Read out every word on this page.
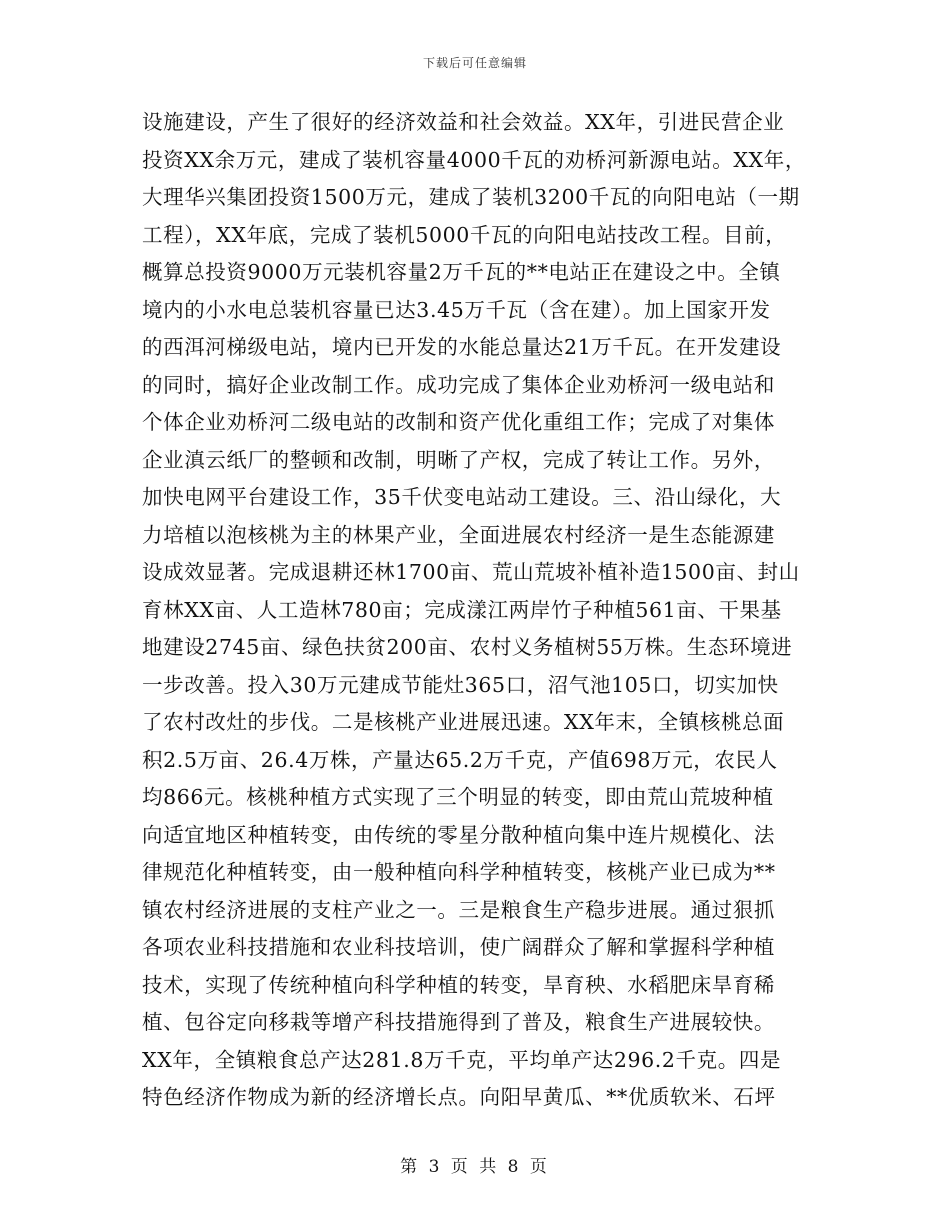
下载后可任意编辑
设施建设，产生了很好的经济效益和社会效益。XX年，引进民营企业
投资XX余万元，建成了装机容量4000千瓦的劝桥河新源电站。XX年，
大理华兴集团投资1500万元，建成了装机3200千瓦的向阳电站（一期
工程），XX年底，完成了装机5000千瓦的向阳电站技改工程。目前，
概算总投资9000万元装机容量2万千瓦的**电站正在建设之中。全镇
境内的小水电总装机容量已达3.45万千瓦（含在建）。加上国家开发
的西洱河梯级电站，境内已开发的水能总量达21万千瓦。在开发建设
的同时，搞好企业改制工作。成功完成了集体企业劝桥河一级电站和
个体企业劝桥河二级电站的改制和资产优化重组工作；完成了对集体
企业滇云纸厂的整顿和改制，明晰了产权，完成了转让工作。另外，
加快电网平台建设工作，35千伏变电站动工建设。三、沿山绿化，大
力培植以泡核桃为主的林果产业，全面进展农村经济一是生态能源建
设成效显著。完成退耕还林1700亩、荒山荒坡补植补造1500亩、封山
育林XX亩、人工造林780亩；完成漾江两岸竹子种植561亩、干果基
地建设2745亩、绿色扶贫200亩、农村义务植树55万株。生态环境进
一步改善。投入30万元建成节能灶365口，沼气池105口，切实加快
了农村改灶的步伐。二是核桃产业进展迅速。XX年末，全镇核桃总面
积2.5万亩、26.4万株，产量达65.2万千克，产值698万元，农民人
均866元。核桃种植方式实现了三个明显的转变，即由荒山荒坡种植
向适宜地区种植转变，由传统的零星分散种植向集中连片规模化、法
律规范化种植转变，由一般种植向科学种植转变，核桃产业已成为**
镇农村经济进展的支柱产业之一。三是粮食生产稳步进展。通过狠抓
各项农业科技措施和农业科技培训，使广阔群众了解和掌握科学种植
技术，实现了传统种植向科学种植的转变，旱育秧、水稻肥床旱育稀
植、包谷定向移栽等增产科技措施得到了普及，粮食生产进展较快。
XX年，全镇粮食总产达281.8万千克，平均单产达296.2千克。四是
特色经济作物成为新的经济增长点。向阳早黄瓜、**优质软米、石坪
第 3 页 共 8 页
